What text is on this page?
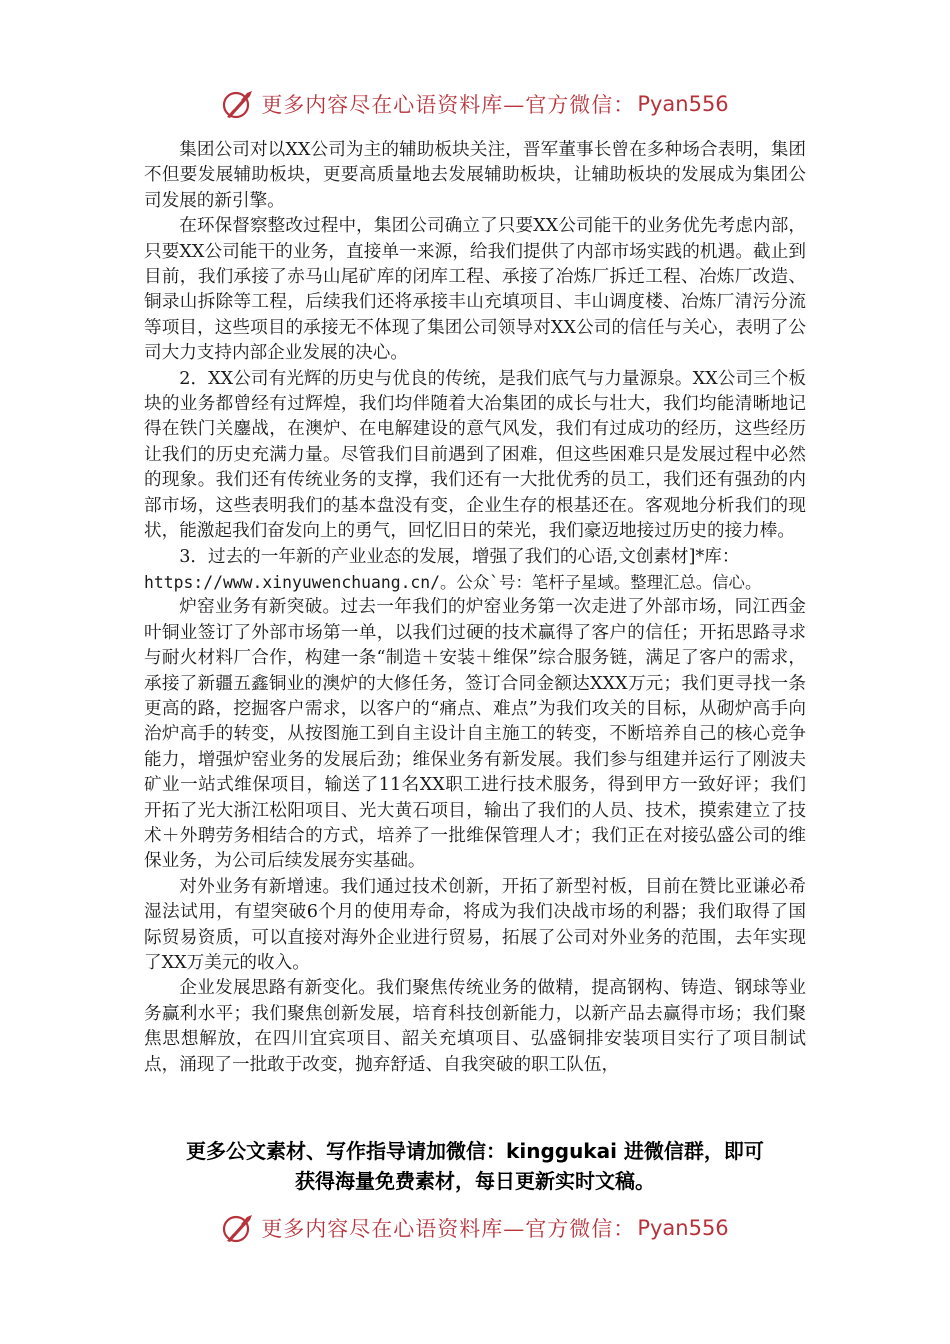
更多内容尽在心语资料库— 官方微信： Pyan556

集团公司对以XX公司为主的辅助板块关注，晋军董事长曾在多种场合表明，集团不但要发展辅助板块，更要高质量地去发展辅助板块，让辅助板块的发展成为集团公司发展的新引擎。

在环保督察整改过程中，集团公司确立了只要XX公司能干的业务优先考虑内部，只要XX公司能干的业务，直接单一来源，给我们提供了内部市场实践的机遇。截止到目前，我们承接了赤马山尾矿库的闭库工程、承接了冶炼厂拆迁工程、冶炼厂改造、铜录山拆除等工程，后续我们还将承接丰山充填项目、丰山调度楼、冶炼厂清污分流等项目，这些项目的承接无不体现了集团公司领导对XX公司的信任与关心，表明了公司大力支持内部企业发展的决心。

2．XX公司有光辉的历史与优良的传统，是我们底气与力量源泉。XX公司三个板块的业务都曾经有过辉煌，我们均伴随着大冶集团的成长与壮大，我们均能清晰地记得在铁门关鏖战，在澳炉、在电解建设的意气风发，我们有过成功的经历，这些经历让我们的历史充满力量。尽管我们目前遇到了困难，但这些困难只是发展过程中必然的现象。我们还有传统业务的支撑，我们还有一大批优秀的员工，我们还有强劲的内部市场，这些表明我们的基本盘没有变，企业生存的根基还在。客观地分析我们的现状，能激起我们奋发向上的勇气，回忆旧日的荣光，我们豪迈地接过历史的接力棒。

3．过去的一年新的产业业态的发展，增强了我们的心语,文创素材]*库：

https://www.xinyuwenchuang.cn/。公众`号：笔杆子星域。整理汇总。信心。

炉窑业务有新突破。过去一年我们的炉窑业务第一次走进了外部市场，同江西金叶铜业签订了外部市场第一单，以我们过硬的技术赢得了客户的信任；开拓思路寻求与耐火材料厂合作，构建一条“制造＋安装＋维保”综合服务链，满足了客户的需求，承接了新疆五鑫铜业的澳炉的大修任务，签订合同金额达XXX万元；我们更寻找一条更高的路，挖掘客户需求，以客户的“痛点、难点”为我们攻关的目标，从砌炉高手向治炉高手的转变，从按图施工到自主设计自主施工的转变，不断培养自己的核心竞争能力，增强炉窑业务的发展后劲；维保业务有新发展。我们参与组建并运行了刚波夫矿业一站式维保项目，输送了11名XX职工进行技术服务，得到甲方一致好评；我们开拓了光大浙江松阳项目、光大黄石项目，输出了我们的人员、技术，摸索建立了技术＋外聘劳务相结合的方式，培养了一批维保管理人才；我们正在对接弘盛公司的维保业务，为公司后续发展夯实基础。

对外业务有新增速。我们通过技术创新，开拓了新型衬板，目前在赞比亚谦必希湿法试用，有望突破6个月的使用寿命，将成为我们决战市场的利器；我们取得了国际贸易资质，可以直接对海外企业进行贸易，拓展了公司对外业务的范围，去年实现了XX万美元的收入。

企业发展思路有新变化。我们聚焦传统业务的做精，提高钢构、铸造、钢球等业务赢利水平；我们聚焦创新发展，培育科技创新能力，以新产品去赢得市场；我们聚焦思想解放，在四川宜宾项目、韶关充填项目、弘盛铜排安装项目实行了项目制试点，涌现了一批敢于改变，抛弃舒适、自我突破的职工队伍，

更多公文素材、写作指导请加微信：kinggukai 进微信群，即可
获得海量免费素材，每日更新实时文稿。
更多内容尽在心语资料库— 官方微信： Pyan556
